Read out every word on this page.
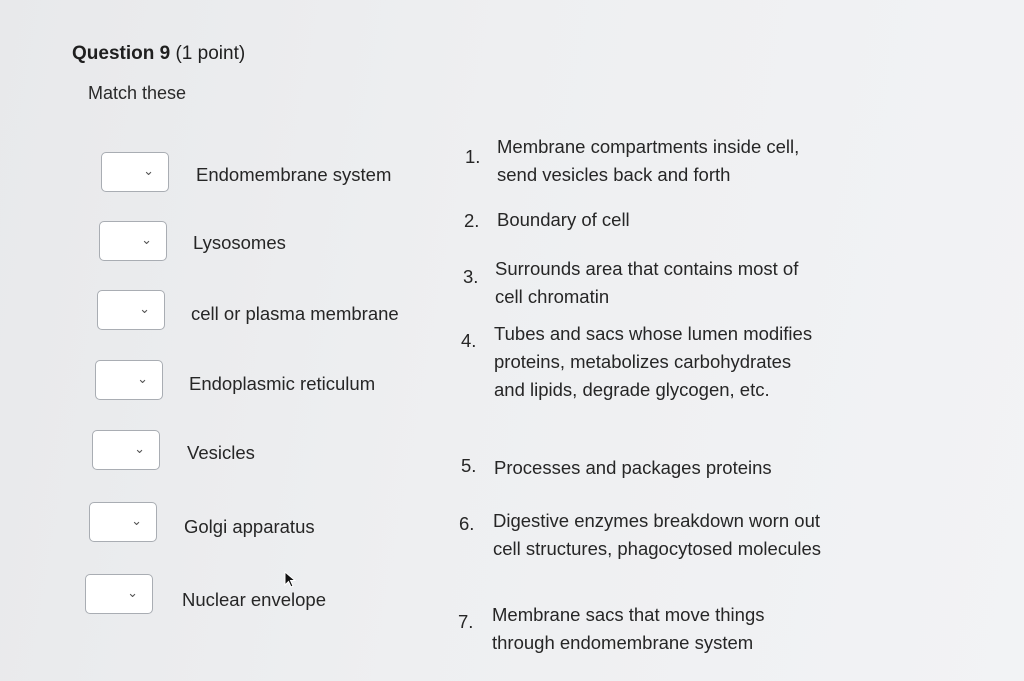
Question 9 (1 point)
Match these
⌄ Endomembrane system
⌄ Lysosomes
⌄ cell or plasma membrane
⌄ Endoplasmic reticulum
⌄ Vesicles
⌄ Golgi apparatus
⌄ Nuclear envelope
1. Membrane compartments inside cell, send vesicles back and forth
2. Boundary of cell
3. Surrounds area that contains most of cell chromatin
4. Tubes and sacs whose lumen modifies proteins, metabolizes carbohydrates and lipids, degrade glycogen, etc.
5. Processes and packages proteins
6. Digestive enzymes breakdown worn out cell structures, phagocytosed molecules
7. Membrane sacs that move things through endomembrane system
